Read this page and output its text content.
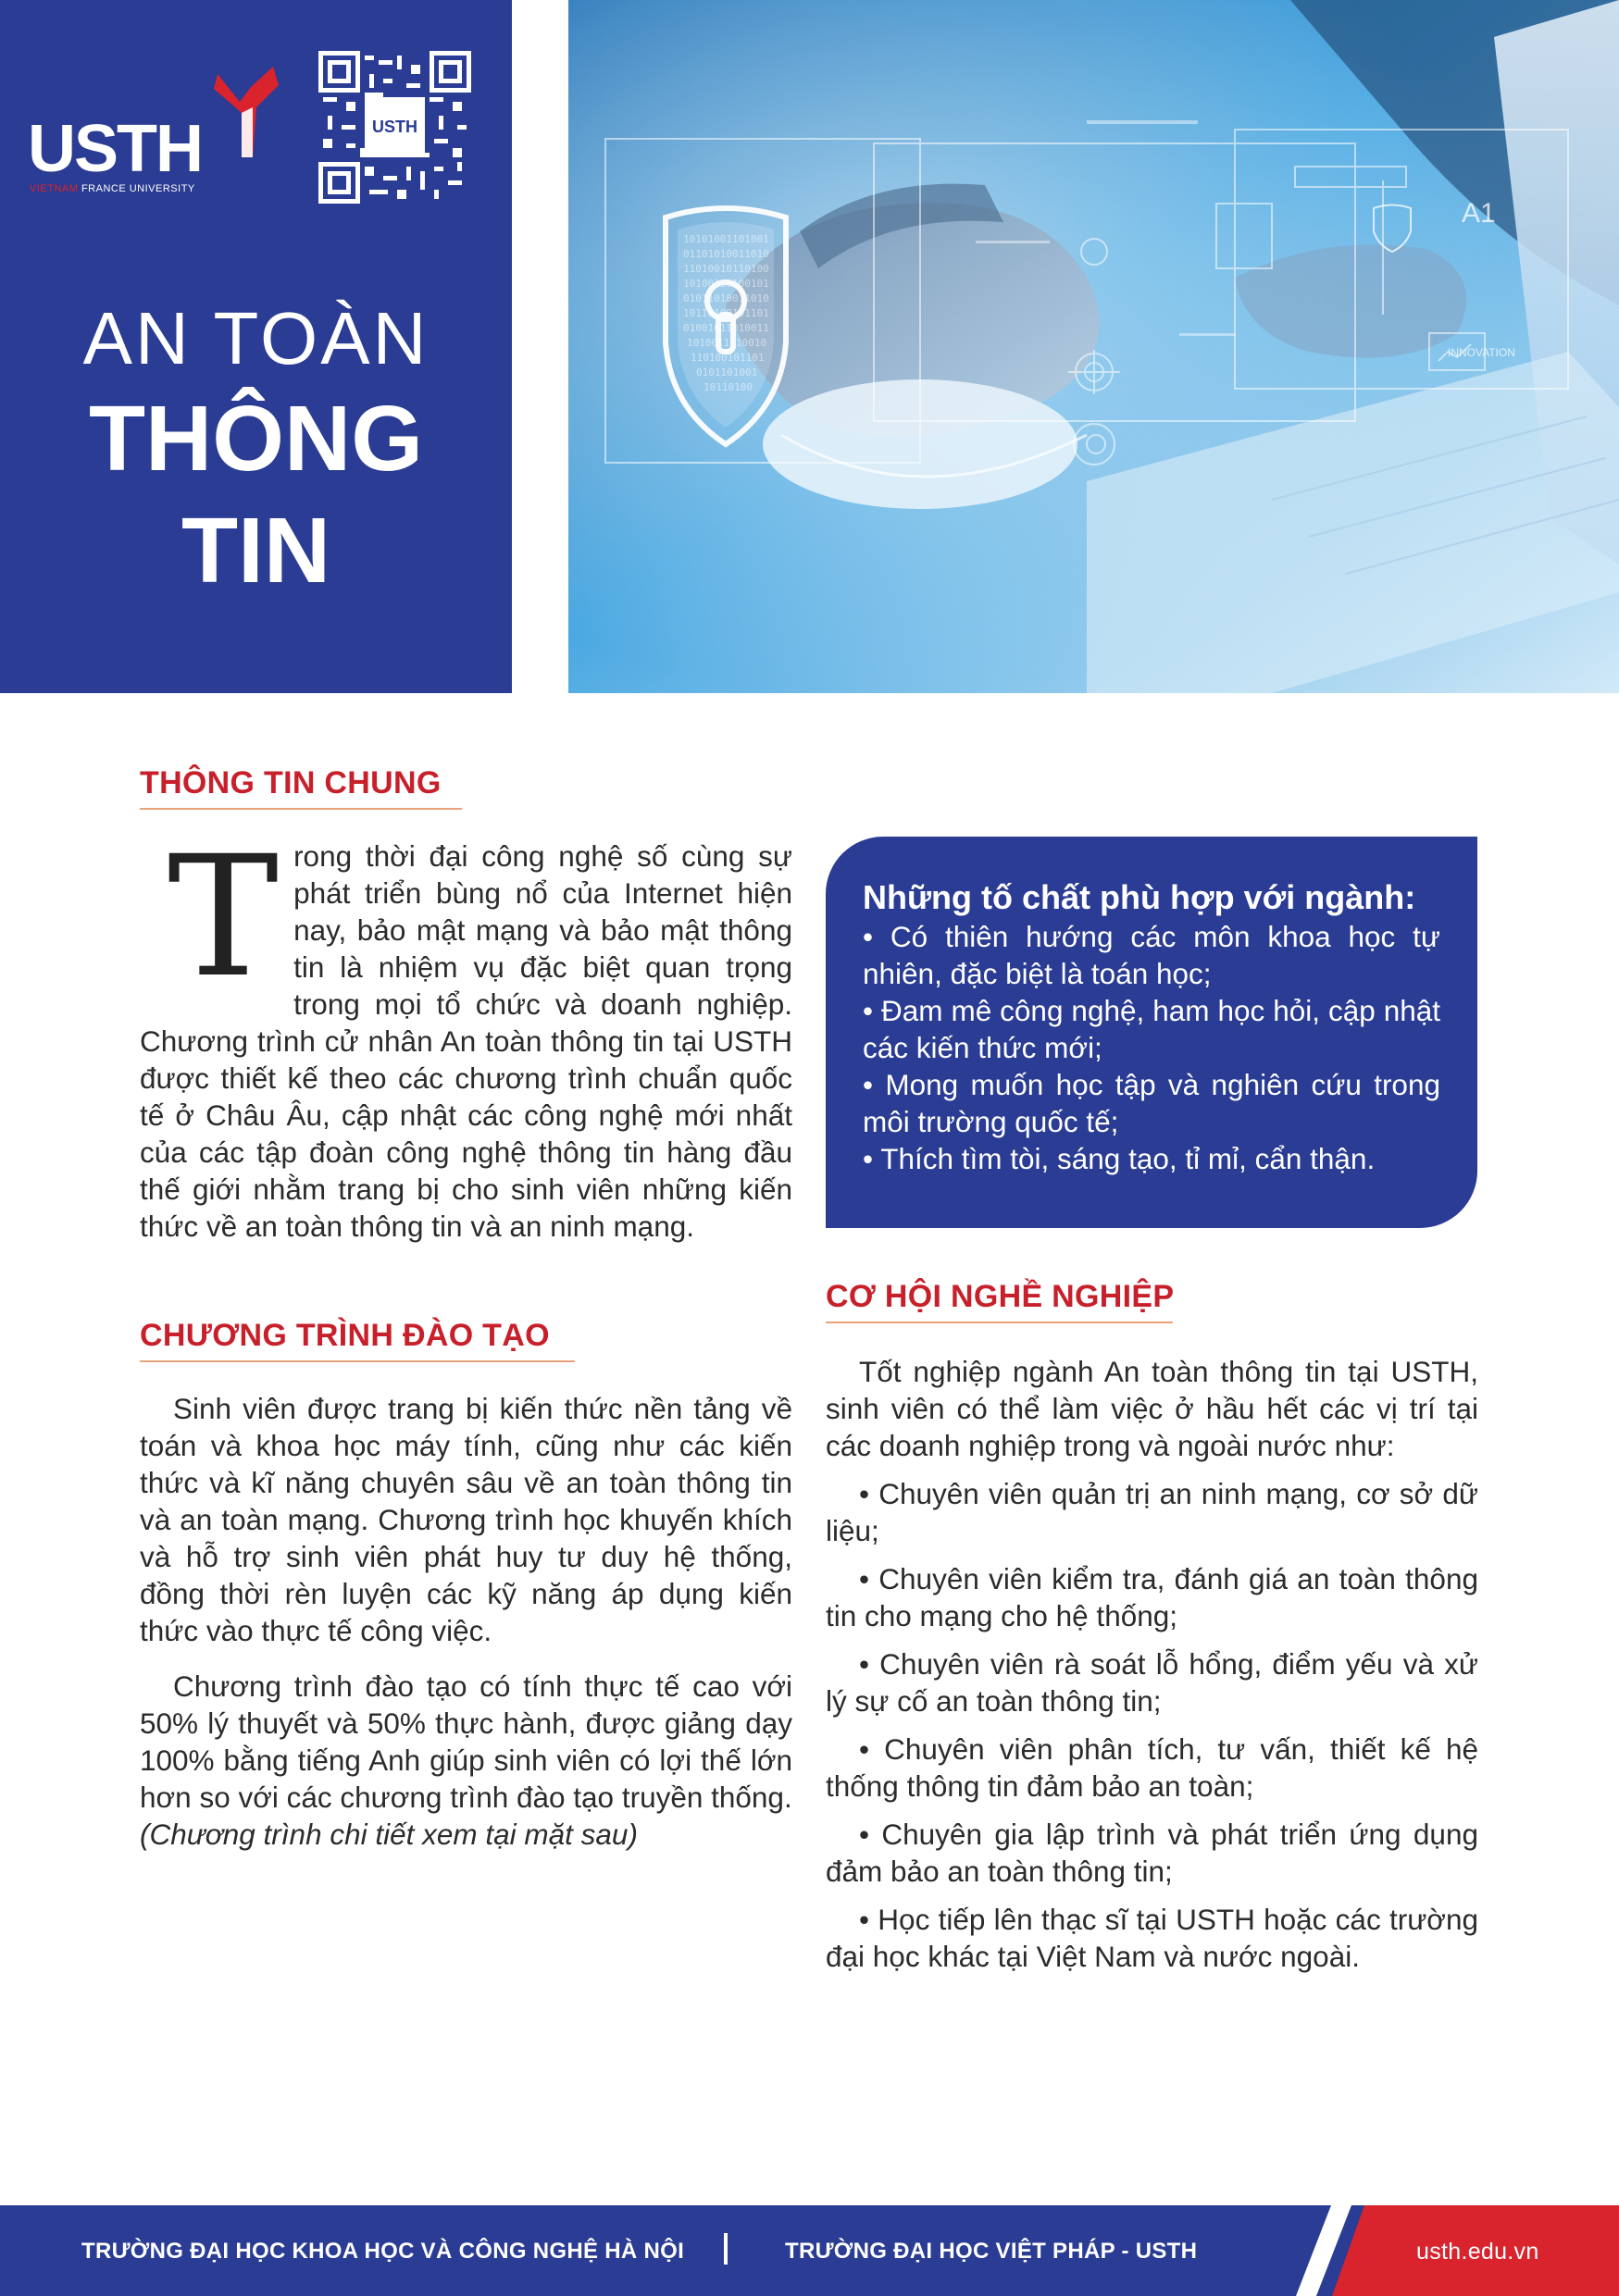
USTH
VIETNAM FRANCE UNIVERSITY
USTH
AN TOÀN
THÔNG
TIN
10101001101001
01101010011010
11010010110100
10100110100101
01011010011010
10110100101101
01001011010011
1010011010010
110100101101
0101101001
10110100
A1
INNOVATION
THÔNG TIN CHUNG

Trong thời đại công nghệ số cùng sự phát triển bùng nổ của Internet hiện nay, bảo mật mạng và bảo mật thông tin là nhiệm vụ đặc biệt quan trọng trong mọi tổ chức và doanh nghiệp. Chương trình cử nhân An toàn thông tin tại USTH được thiết kế theo các chương trình chuẩn quốc tế ở Châu Âu, cập nhật các công nghệ mới nhất của các tập đoàn công nghệ thông tin hàng đầu thế giới nhằm trang bị cho sinh viên những kiến thức về an toàn thông tin và an ninh mạng.

CHƯƠNG TRÌNH ĐÀO TẠO

Sinh viên được trang bị kiến thức nền tảng về toán và khoa học máy tính, cũng như các kiến thức và kĩ năng chuyên sâu về an toàn thông tin và an toàn mạng. Chương trình học khuyến khích và hỗ trợ sinh viên phát huy tư duy hệ thống, đồng thời rèn luyện các kỹ năng áp dụng kiến thức vào thực tế công việc.

Chương trình đào tạo có tính thực tế cao với 50% lý thuyết và 50% thực hành, được giảng dạy 100% bằng tiếng Anh giúp sinh viên có lợi thế lớn hơn so với các chương trình đào tạo truyền thống.
(Chương trình chi tiết xem tại mặt sau)

Những tố chất phù hợp với ngành:
• Có thiên hướng các môn khoa học tự nhiên, đặc biệt là toán học;
• Đam mê công nghệ, ham học hỏi, cập nhật các kiến thức mới;
• Mong muốn học tập và nghiên cứu trong môi trường quốc tế;
• Thích tìm tòi, sáng tạo, tỉ mỉ, cẩn thận.
CƠ HỘI NGHỀ NGHIỆP

Tốt nghiệp ngành An toàn thông tin tại USTH, sinh viên có thể làm việc ở hầu hết các vị trí tại các doanh nghiệp trong và ngoài nước như:

• Chuyên viên quản trị an ninh mạng, cơ sở dữ liệu;
• Chuyên viên kiểm tra, đánh giá an toàn thông tin cho mạng cho hệ thống;
• Chuyên viên rà soát lỗ hổng, điểm yếu và xử lý sự cố an toàn thông tin;
• Chuyên viên phân tích, tư vấn, thiết kế hệ thống thông tin đảm bảo an toàn;
• Chuyên gia lập trình và phát triển ứng dụng đảm bảo an toàn thông tin;
• Học tiếp lên thạc sĩ tại USTH hoặc các trường đại học khác tại Việt Nam và nước ngoài.
TRƯỜNG ĐẠI HỌC KHOA HỌC VÀ CÔNG NGHỆ HÀ NỘI	TRƯỜNG ĐẠI HỌC VIỆT PHÁP - USTH	usth.edu.vn
